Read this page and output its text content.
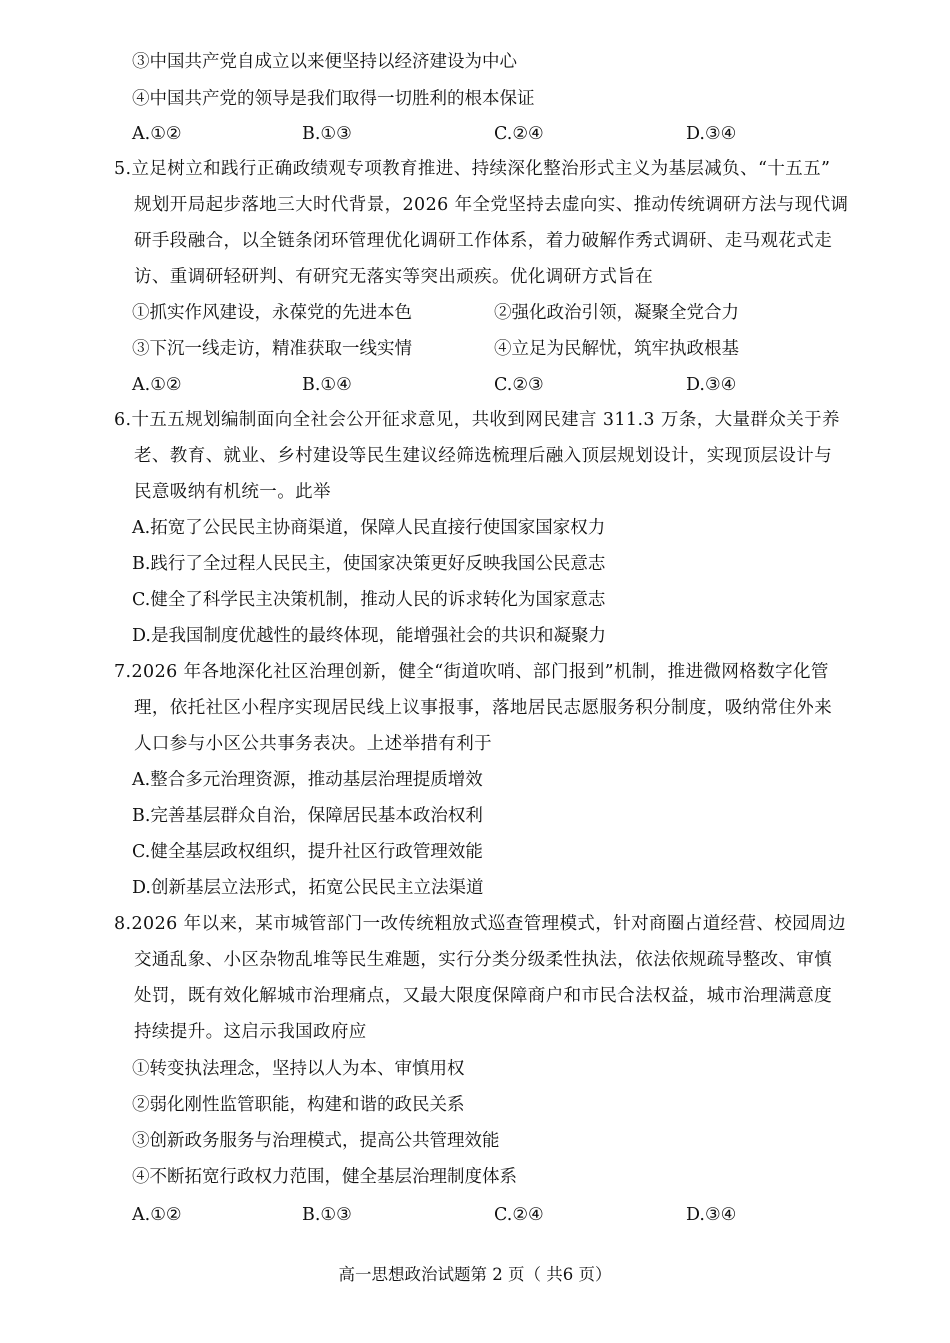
③中国共产党自成立以来便坚持以经济建设为中心
④中国共产党的领导是我们取得一切胜利的根本保证
A.①②	B.①③	C.②④	D.③④
5.立足树立和践行正确政绩观专项教育推进、持续深化整治形式主义为基层减负、“十五五”
规划开局起步落地三大时代背景，2026 年全党坚持去虚向实、推动传统调研方法与现代调
研手段融合，以全链条闭环管理优化调研工作体系，着力破解作秀式调研、走马观花式走
访、重调研轻研判、有研究无落实等突出顽疾。优化调研方式旨在
①抓实作风建设，永葆党的先进本色	②强化政治引领，凝聚全党合力
③下沉一线走访，精准获取一线实情	④立足为民解忧，筑牢执政根基
A.①②	B.①④	C.②③	D.③④
6.十五五规划编制面向全社会公开征求意见，共收到网民建言 311.3 万条，大量群众关于养
老、教育、就业、乡村建设等民生建议经筛选梳理后融入顶层规划设计，实现顶层设计与
民意吸纳有机统一。此举
A.拓宽了公民民主协商渠道，保障人民直接行使国家国家权力
B.践行了全过程人民民主，使国家决策更好反映我国公民意志
C.健全了科学民主决策机制，推动人民的诉求转化为国家意志
D.是我国制度优越性的最终体现，能增强社会的共识和凝聚力
7.2026 年各地深化社区治理创新，健全“街道吹哨、部门报到”机制，推进微网格数字化管
理，依托社区小程序实现居民线上议事报事，落地居民志愿服务积分制度，吸纳常住外来
人口参与小区公共事务表决。上述举措有利于
A.整合多元治理资源，推动基层治理提质增效
B.完善基层群众自治，保障居民基本政治权利
C.健全基层政权组织，提升社区行政管理效能
D.创新基层立法形式，拓宽公民民主立法渠道
8.2026 年以来，某市城管部门一改传统粗放式巡查管理模式，针对商圈占道经营、校园周边
交通乱象、小区杂物乱堆等民生难题，实行分类分级柔性执法，依法依规疏导整改、审慎
处罚，既有效化解城市治理痛点，又最大限度保障商户和市民合法权益，城市治理满意度
持续提升。这启示我国政府应
①转变执法理念，坚持以人为本、审慎用权
②弱化刚性监管职能，构建和谐的政民关系
③创新政务服务与治理模式，提高公共管理效能
④不断拓宽行政权力范围，健全基层治理制度体系
A.①②	B.①③	C.②④	D.③④
高一思想政治试题第 2 页（ 共6 页）
